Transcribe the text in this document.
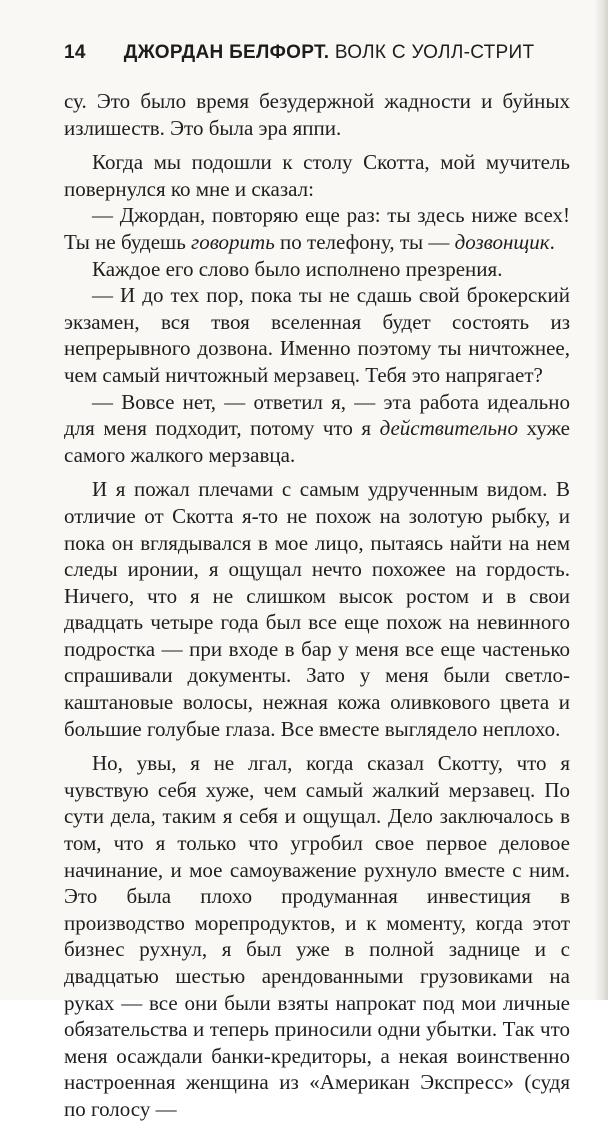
14 ДЖОРДАН БЕЛФОРТ. ВОЛК С УОЛЛ-СТРИТ

су. Это было время безудержной жадности и буйных излишеств. Это была эра яппи.

Когда мы подошли к столу Скотта, мой мучитель повернулся ко мне и сказал:

— Джордан, повторяю еще раз: ты здесь ниже всех! Ты не будешь говорить по телефону, ты — дозвонщик.

Каждое его слово было исполнено презрения.

— И до тех пор, пока ты не сдашь свой брокерский экзамен, вся твоя вселенная будет состоять из непрерывного дозвона. Именно поэтому ты ничтожнее, чем самый ничтожный мерзавец. Тебя это напрягает?

— Вовсе нет, — ответил я, — эта работа идеально для меня подходит, потому что я действительно хуже самого жалкого мерзавца.

И я пожал плечами с самым удрученным видом. В отличие от Скотта я-то не похож на золотую рыбку, и пока он вглядывался в мое лицо, пытаясь найти на нем следы иронии, я ощущал нечто похожее на гордость. Ничего, что я не слишком высок ростом и в свои двадцать четыре года был все еще похож на невинного подростка — при входе в бар у меня все еще частенько спрашивали документы. Зато у меня были светло-каштановые волосы, нежная кожа оливкового цвета и большие голубые глаза. Все вместе выглядело неплохо.

Но, увы, я не лгал, когда сказал Скотту, что я чувствую себя хуже, чем самый жалкий мерзавец. По сути дела, таким я себя и ощущал. Дело заключалось в том, что я только что угробил свое первое деловое начинание, и мое самоуважение рухнуло вместе с ним. Это была плохо продуманная инвестиция в производство морепродуктов, и к моменту, когда этот бизнес рухнул, я был уже в полной заднице и с двадцатью шестью арендованными грузовиками на руках — все они были взяты напрокат под мои личные обязательства и теперь приносили одни убытки. Так что меня осаждали банки-кредиторы, а некая воинственно настроенная женщина из «Американ Экспресс» (судя по голосу —
